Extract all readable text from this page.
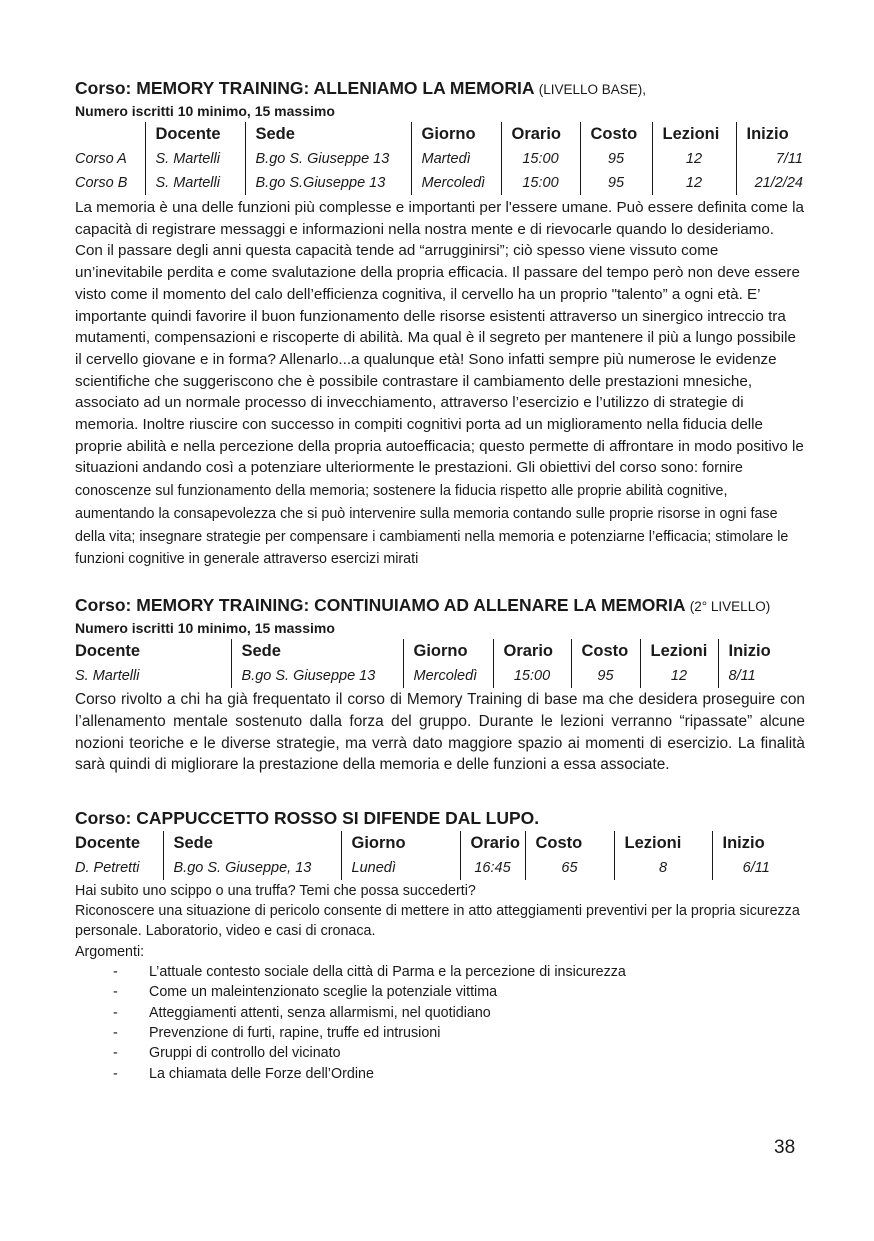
Corso: MEMORY TRAINING: ALLENIAMO LA MEMORIA (LIVELLO BASE),
Numero iscritti 10 minimo, 15 massimo
	Docente	Sede	Giorno	Orario	Costo	Lezioni	Inizio
Corso A	S. Martelli	B.go S. Giuseppe 13	Martedì	15:00	95	12	7/11
Corso B	S. Martelli	B.go S.Giuseppe 13	Mercoledì	15:00	95	12	21/2/24
La memoria è una delle funzioni più complesse e importanti per l'essere umane. Può essere definita come la capacità di registrare messaggi e informazioni nella nostra mente e di rievocarle quando lo desideriamo. Con il passare degli anni questa capacità tende ad “arrugginirsi”; ciò spesso viene vissuto come un’inevitabile perdita e come svalutazione della propria efficacia. Il passare del tempo però non deve essere visto come il momento del calo dell’efficienza cognitiva, il cervello ha un proprio "talento” a ogni età. E’ importante quindi favorire il buon funzionamento delle risorse esistenti attraverso un sinergico intreccio tra mutamenti, compensazioni e riscoperte di abilità. Ma qual è il segreto per mantenere il più a lungo possibile il cervello giovane e in forma? Allenarlo...a qualunque età! Sono infatti sempre più numerose le evidenze scientifiche che suggeriscono che è possibile contrastare il cambiamento delle prestazioni mnesiche, associato ad un normale processo di invecchiamento, attraverso l’esercizio e l’utilizzo di strategie di memoria. Inoltre riuscire con successo in compiti cognitivi porta ad un miglioramento nella fiducia delle proprie abilità e nella percezione della propria autoefficacia; questo permette di affrontare in modo positivo le situazioni andando così a potenziare ulteriormente le prestazioni. Gli obiettivi del corso sono: fornire conoscenze sul funzionamento della memoria; sostenere la fiducia rispetto alle proprie abilità cognitive, aumentando la consapevolezza che si può intervenire sulla memoria contando sulle proprie risorse in ogni fase della vita; insegnare strategie per compensare i cambiamenti nella memoria e potenziarne l’efficacia; stimolare le funzioni cognitive in generale attraverso esercizi mirati
Corso: MEMORY TRAINING: CONTINUIAMO AD ALLENARE LA MEMORIA (2° LIVELLO)
Numero iscritti 10 minimo, 15 massimo
Docente	Sede	Giorno	Orario	Costo	Lezioni	Inizio
S. Martelli	B.go S. Giuseppe 13	Mercoledì	15:00	95	12	8/11
Corso rivolto a chi ha già frequentato il corso di Memory Training di base ma che desidera proseguire con l’allenamento mentale sostenuto dalla forza del gruppo. Durante le lezioni verranno “ripassate” alcune nozioni teoriche e le diverse strategie, ma verrà dato maggiore spazio ai momenti di esercizio. La finalità sarà quindi di migliorare la prestazione della memoria e delle funzioni a essa associate.
Corso: CAPPUCCETTO ROSSO SI DIFENDE DAL LUPO.
Docente	Sede	Giorno	Orario	Costo	Lezioni	Inizio
D. Petretti	B.go S. Giuseppe, 13	Lunedì	16:45	65	8	6/11
Hai subito uno scippo o una truffa? Temi che possa succederti?
Riconoscere una situazione di pericolo consente di mettere in atto atteggiamenti preventivi per la propria sicurezza personale. Laboratorio, video e casi di cronaca.
Argomenti:
- L’attuale contesto sociale della città di Parma e la percezione di insicurezza
- Come un maleintenzionato sceglie la potenziale vittima
- Atteggiamenti attenti, senza allarmismi, nel quotidiano
- Prevenzione di furti, rapine, truffe ed intrusioni
- Gruppi di controllo del vicinato
- La chiamata delle Forze dell’Ordine
38
